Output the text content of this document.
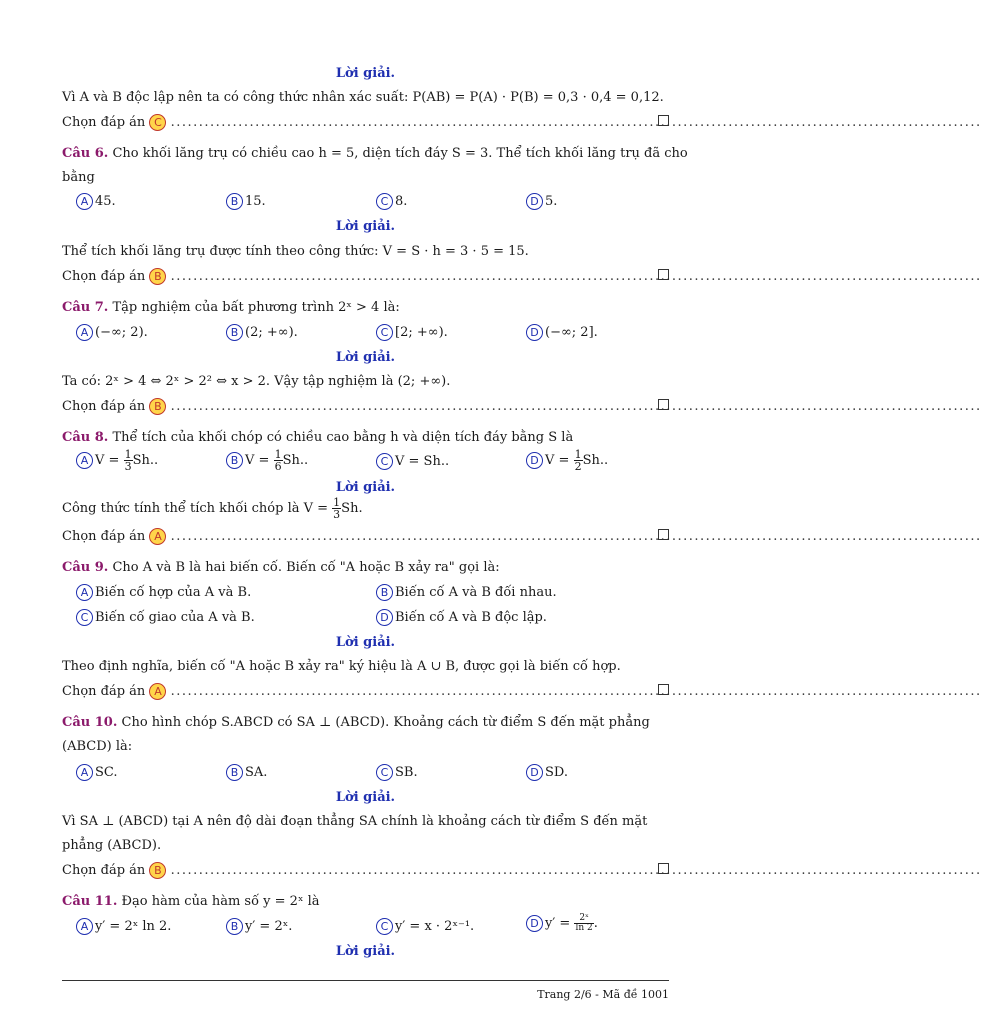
Lời giải.
Vì A và B độc lập nên ta có công thức nhân xác suất: P(AB) = P(A) · P(B) = 0,3 · 0,4 = 0,12.
Chọn đáp án C ................................................................................................................................................
Câu 6. Cho khối lăng trụ có chiều cao h = 5, diện tích đáy S = 3. Thể tích khối lăng trụ đã cho
bằng
A 45.	B 15.	C 8.	D 5.
Lời giải.
Thể tích khối lăng trụ được tính theo công thức: V = S · h = 3 · 5 = 15.
Chọn đáp án B ................................................................................................................................................
Câu 7. Tập nghiệm của bất phương trình 2ˣ > 4 là:
A (−∞; 2).	B (2; +∞).	C [2; +∞).	D (−∞; 2].
Lời giải.
Ta có: 2ˣ > 4 ⇔ 2ˣ > 2² ⇔ x > 2. Vậy tập nghiệm là (2; +∞).
Chọn đáp án B ................................................................................................................................................
Câu 8. Thể tích của khối chóp có chiều cao bằng h và diện tích đáy bằng S là
A $V = \frac{1}{3} Sh$..	B $V = \frac{1}{6} Sh$..	C V = Sh..	D $V = \frac{1}{2} Sh$..
Lời giải.
Công thức tính thể tích khối chóp là $V = \frac{1}{3} Sh$.
Chọn đáp án A ................................................................................................................................................
Câu 9. Cho A và B là hai biến cố. Biến cố "A hoặc B xảy ra" gọi là:
A Biến cố hợp của A và B.	B Biến cố A và B đối nhau.
C Biến cố giao của A và B.	D Biến cố A và B độc lập.
Lời giải.
Theo định nghĩa, biến cố "A hoặc B xảy ra" ký hiệu là A ∪ B, được gọi là biến cố hợp.
Chọn đáp án A ................................................................................................................................................
Câu 10. Cho hình chóp S.ABCD có SA ⊥ (ABCD). Khoảng cách từ điểm S đến mặt phẳng
(ABCD) là:
A SC.	B SA.	C SB.	D SD.
Lời giải.
Vì SA ⊥ (ABCD) tại A nên độ dài đoạn thẳng SA chính là khoảng cách từ điểm S đến mặt
phẳng (ABCD).
Chọn đáp án B ................................................................................................................................................
Câu 11. Đạo hàm của hàm số y = 2ˣ là
A y′ = 2ˣ ln 2.	B y′ = 2ˣ.	C y′ = x · 2ˣ⁻¹.	D $y' = \frac{\text{2ˣ}}{\ln 2}$ .
Lời giải.
Trang 2/6 - Mã đề 1001
